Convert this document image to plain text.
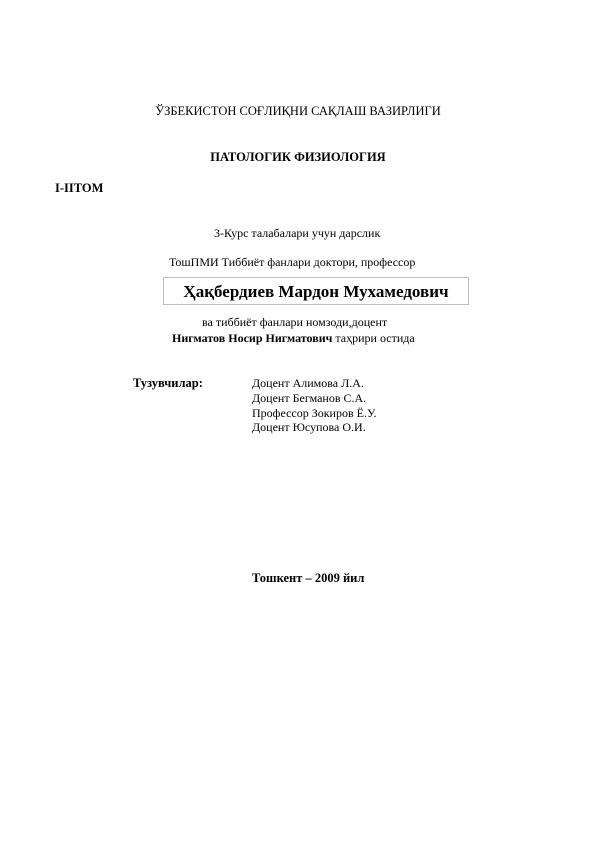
ЎЗБЕКИСТОН СОҒЛИҚНИ САҚЛАШ ВАЗИРЛИГИ
ПАТОЛОГИК ФИЗИОЛОГИЯ
I-IITOM
3-Курс талабалари учун дарслик
ТошПМИ Тиббиёт фанлари доктори, профессор
Ҳақбердиев Мардон Мухамедович
ва тиббиёт фанлари номзоди,доцент
Нигматов Носир Нигматович таҳрири остида
Тузувчилар:	Доцент Алимова Л.А.
Доцент Бегманов С.А.
Профессор Зокиров Ё.У.
Доцент Юсупова О.И.
Тошкент – 2009 йил
